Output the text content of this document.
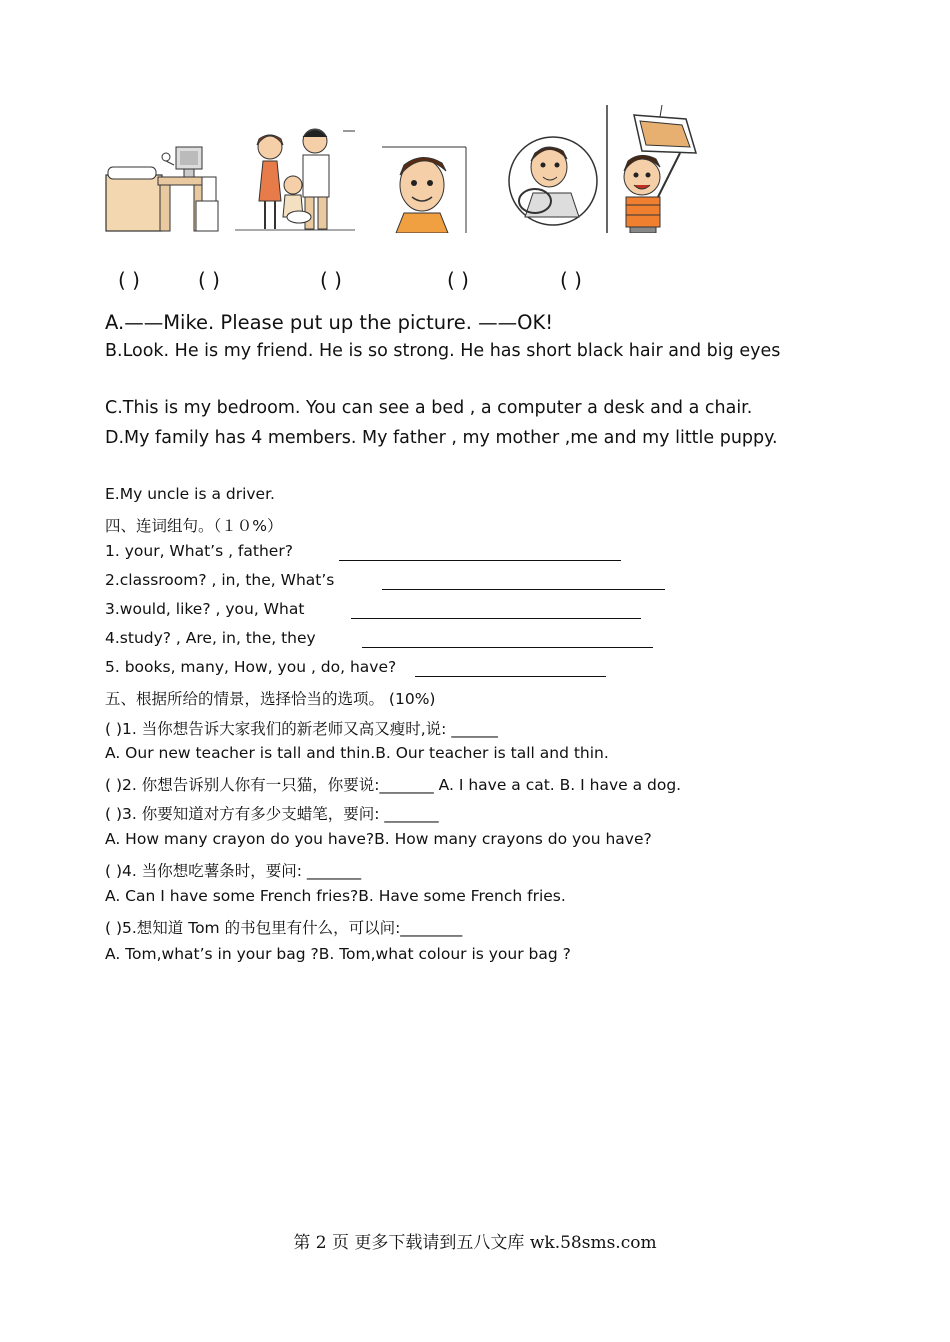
( )	( )	( )	( )	( )
A.——Mike. Please put up the picture. ——OK!
B.Look. He is my friend. He is so strong. He has short black hair and big eyes
C.This is my bedroom. You can see a bed , a computer a desk and a chair.
D.My family has 4 members. My father , my mother ,me and my little puppy.
E.My uncle is a driver.
四、连词组句。（１０%）
1. your, What’s , father?
2.classroom? , in, the, What’s
3.would, like? , you, What
4.study? , Are, in, the, they
5. books, many, How, you , do, have?
五、根据所给的情景，选择恰当的选项。 (10%)
( )1. 当你想告诉大家我们的新老师又高又瘦时,说: ______
A. Our new teacher is tall and thin.B. Our teacher is tall and thin.
( )2. 你想告诉别人你有一只猫，你要说:_______ A. I have a cat. B. I have a dog.
( )3. 你要知道对方有多少支蜡笔，要问: _______
A. How many crayon do you have?B. How many crayons do you have?
( )4. 当你想吃薯条时，要问: _______
A. Can I have some French fries?B. Have some French fries.
( )5.想知道 Tom 的书包里有什么，可以问:________
A. Tom,what’s in your bag ?B. Tom,what colour is your bag ?
第 2 页 更多下载请到五八文库 wk.58sms.com
